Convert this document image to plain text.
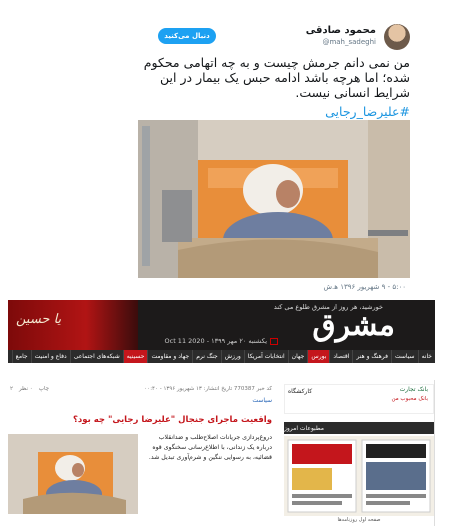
محمود صادقی
@mah_sadeghi
دنبال می‌کنید
من نمی دانم جرمش چیست و به چه اتهامی محکوم شده؛ اما هرچه باشد ادامه حبس یک بیمار در این شرایط انسانی نیست.
#علیرضا_رجایی
۵:۰۰ - ۹ شهریور ۱۳۹۶ ه‍.ش
یا حسین
خورشید، هر روز از مشرق طلوع می کند
مشرق
یکشنبه ۲۰ مهر ۱۳۹۹ - Oct 11 2020
خانه
سیاست
فرهنگ و هنر
اقتصاد
بورس
جهان
انتخابات آمریکا
ورزش
جنگ نرم
جهاد و مقاومت
حسینیه
شبکه‌های اجتماعی
دفاع و امنیت
جامع
کد خبر 770387 تاریخ انتشار: ۱۳ شهریور ۱۳۹۶ - ۰۰:۴۰
سیاست
چاپ
۰ نظر
۲
واقعیت ماجرای جنجال "علیرضا رجایی" چه بود؟
دروغ‌پردازی جریانات اصلاح‌طلب و ضدانقلاب درباره یک زندانی، با اطلاع‌رسانی سخنگوی قوه قضائیه، به رسوایی ننگین و شرم‌آوری تبدیل شد.
بانک تجارت
بانک محبوب من
کارکشگاه
مطبوعات امروز
صفحه اول روزنامه‌ها
